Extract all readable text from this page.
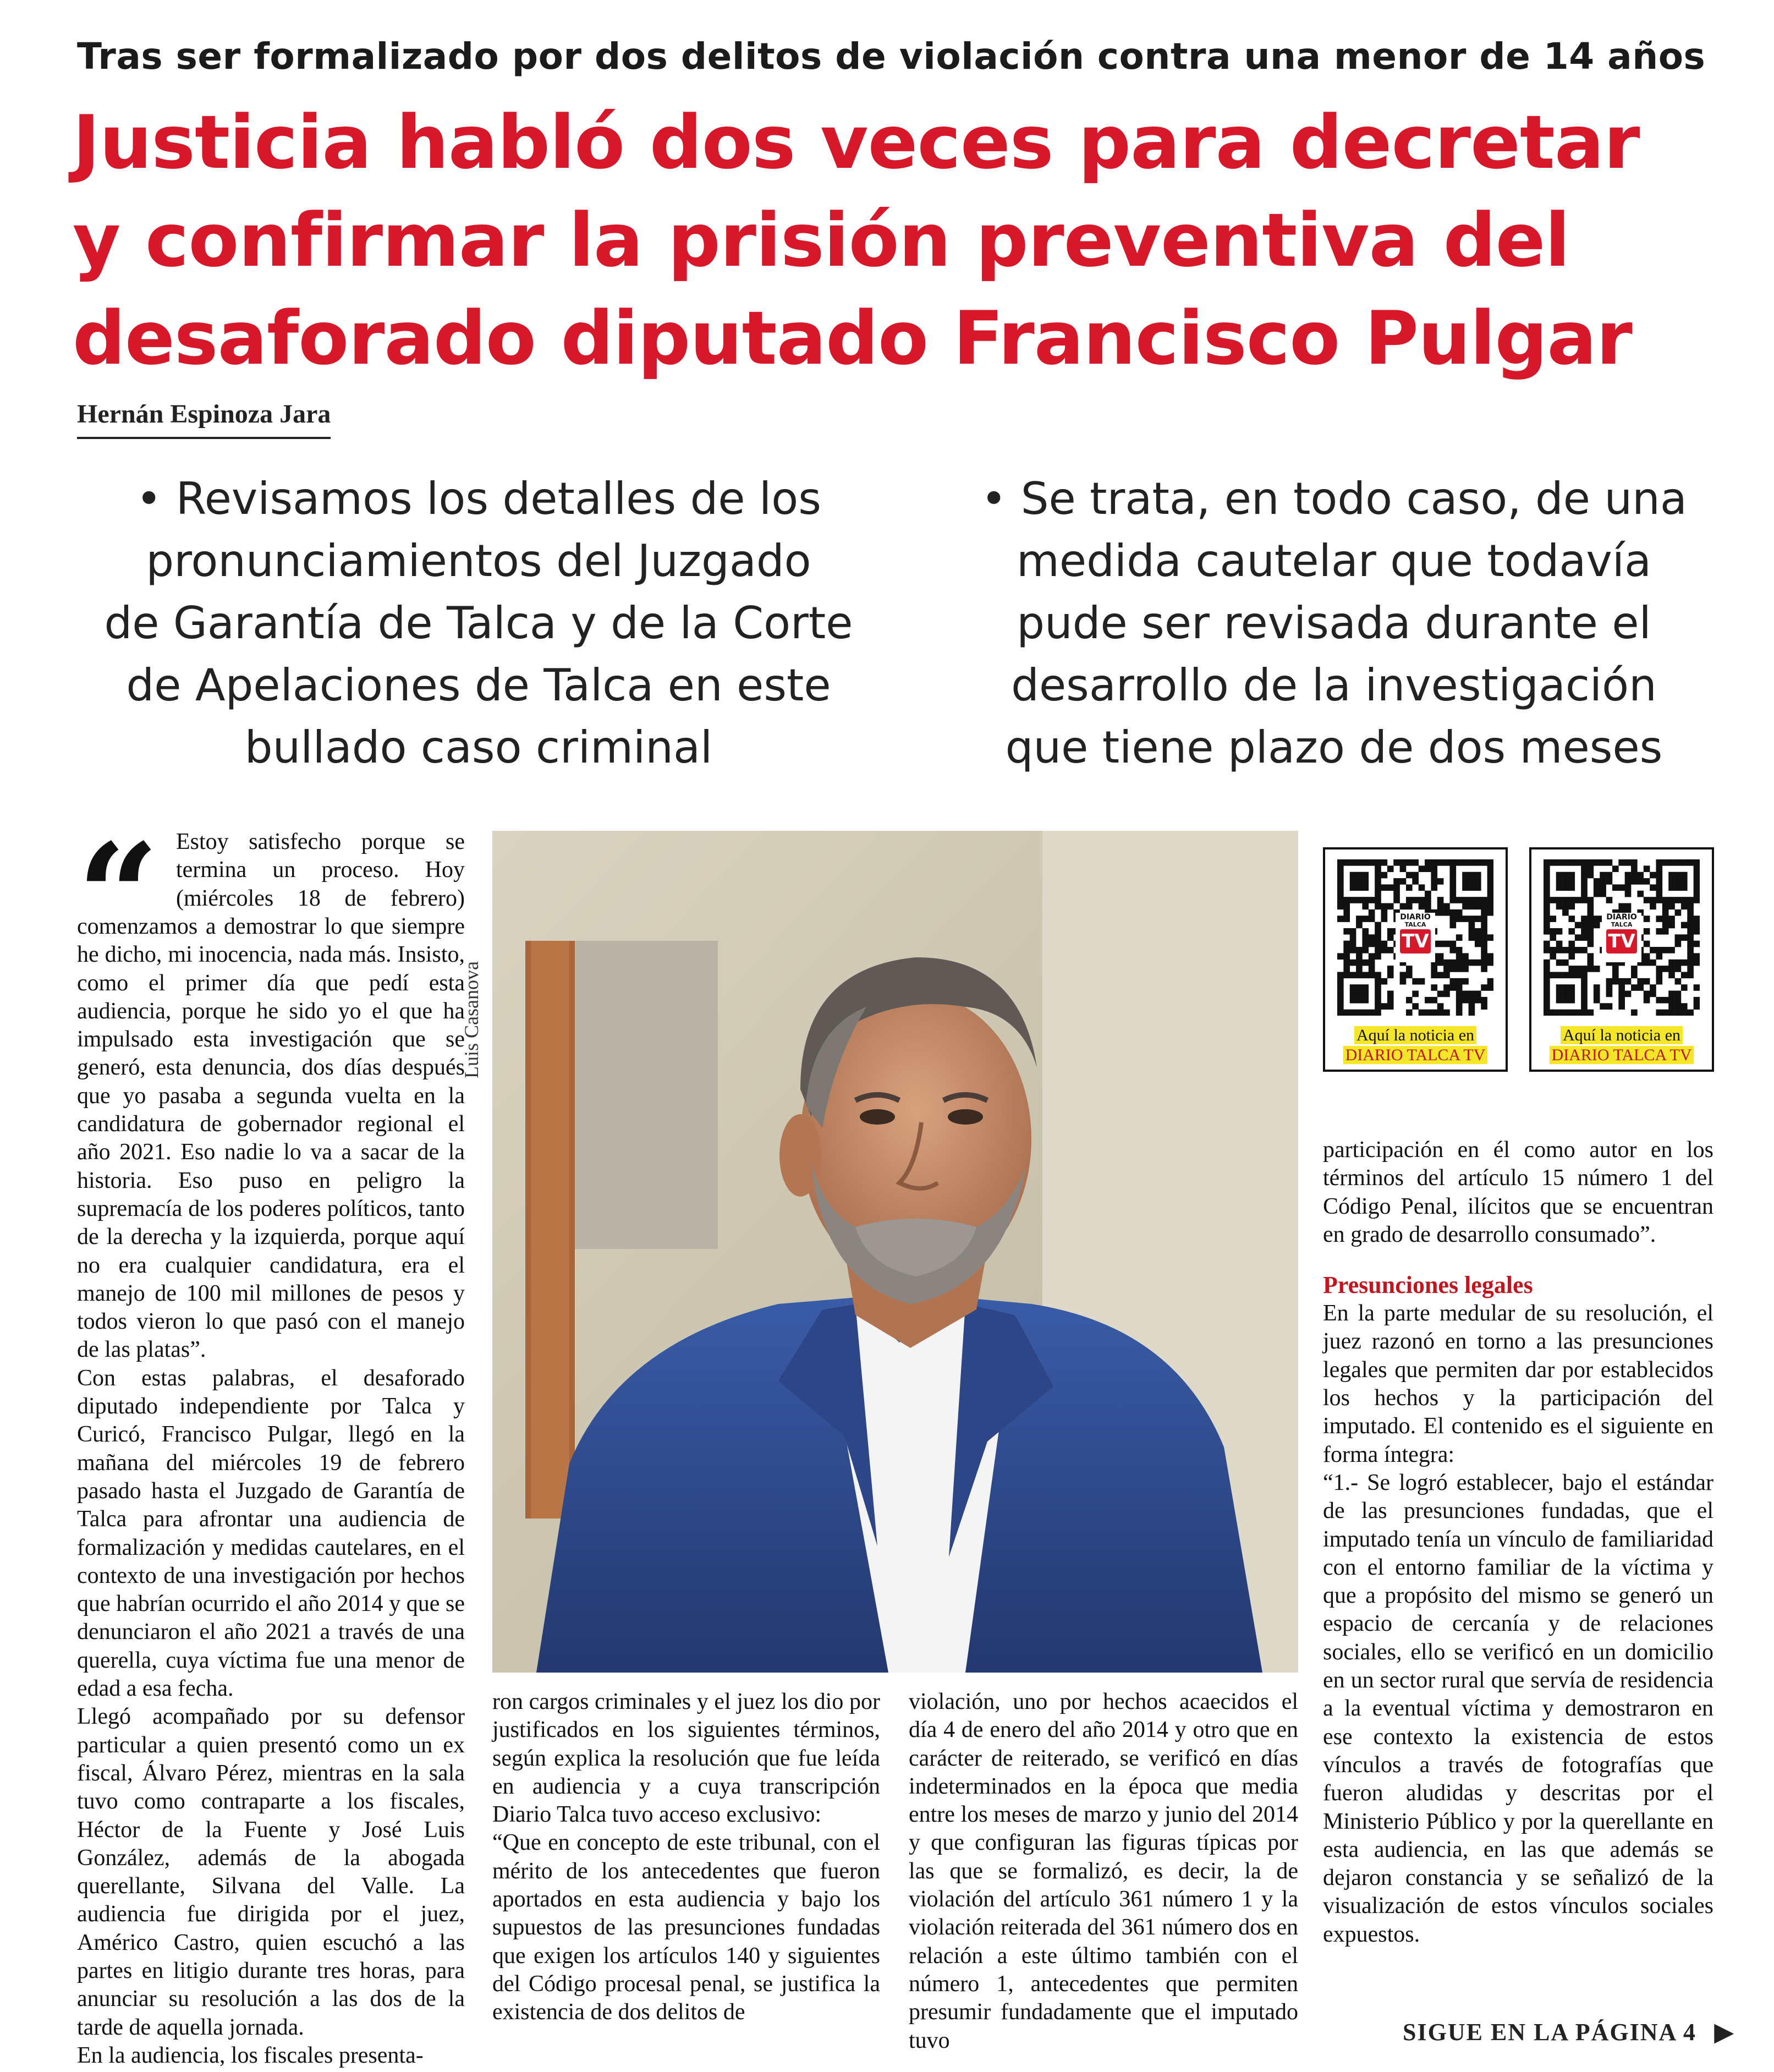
Tras ser formalizado por dos delitos de violación contra una menor de 14 años
Justicia habló dos veces para decretar
y confirmar la prisión preventiva del
desaforado diputado Francisco Pulgar
Hernán Espinoza Jara
• Revisamos los detalles de los
pronunciamientos del Juzgado
de Garantía de Talca y de la Corte
de Apelaciones de Talca en este
bullado caso criminal
• Se trata, en todo caso, de una
medida cautelar que todavía
pude ser revisada durante el
desarrollo de la investigación
que tiene plazo de dos meses
“ Estoy satisfecho porque se
termina un proceso. Hoy
(miércoles 18 de febrero)

comenzamos a demostrar lo que siempre he dicho, mi inocencia, nada más. Insisto, como el primer día que pedí esta audiencia, porque he sido yo el que ha impulsado esta investigación que se generó, esta denuncia, dos días después que yo pasaba a segunda vuelta en la candidatura de gobernador regional el año 2021. Eso nadie lo va a sacar de la historia. Eso puso en peligro la supremacía de los poderes políticos, tanto de la derecha y la izquierda, porque aquí no era cualquier candidatura, era el manejo de 100 mil millones de pesos y todos vieron lo que pasó con el manejo de las platas”.

Con estas palabras, el desaforado diputado independiente por Talca y Curicó, Francisco Pulgar, llegó en la mañana del miércoles 19 de febrero pasado hasta el Juzgado de Garantía de Talca para afrontar una audiencia de formalización y medidas cautelares, en el contexto de una investigación por hechos que habrían ocurrido el año 2014 y que se denunciaron el año 2021 a través de una querella, cuya víctima fue una menor de edad a esa fecha.

Llegó acompañado por su defensor particular a quien presentó como un ex fiscal, Álvaro Pérez, mientras en la sala tuvo como contraparte a los fiscales, Héctor de la Fuente y José Luis González, además de la abogada querellante, Silvana del Valle. La audiencia fue dirigida por el juez, Américo Castro, quien escuchó a las partes en litigio durante tres horas, para anunciar su resolución a las dos de la tarde de aquella jornada.

En la audiencia, los fiscales presenta-

Luis Casanova

ron cargos criminales y el juez los dio por justificados en los siguientes términos, según explica la resolución que fue leída en audiencia y a cuya transcripción Diario Talca tuvo acceso exclusivo:

“Que en concepto de este tribunal, con el mérito de los antecedentes que fueron aportados en esta audiencia y bajo los supuestos de las presunciones fundadas que exigen los artículos 140 y siguientes del Código procesal penal, se justifica la existencia de dos delitos de

violación, uno por hechos acaecidos el día 4 de enero del año 2014 y otro que en carácter de reiterado, se verificó en días indeterminados en la época que media entre los meses de marzo y junio del 2014 y que configuran las figuras típicas por las que se formalizó, es decir, la de violación del artículo 361 número 1 y la violación reiterada del 361 número dos en relación a este último también con el número 1, antecedentes que permiten presumir fundadamente que el imputado tuvo

DIARIO
TALCA
TV
Aquí la noticia en
DIARIO TALCA TV
DIARIO
TALCA
TV
Aquí la noticia en
DIARIO TALCA TV

participación en él como autor en los términos del artículo 15 número 1 del Código Penal, ilícitos que se encuentran en grado de desarrollo consumado”.

Presunciones legales

En la parte medular de su resolución, el juez razonó en torno a las presunciones legales que permiten dar por establecidos los hechos y la participación del imputado. El contenido es el siguiente en forma íntegra:

“1.- Se logró establecer, bajo el estándar de las presunciones fundadas, que el imputado tenía un vínculo de familiaridad con el entorno familiar de la víctima y que a propósito del mismo se generó un espacio de cercanía y de relaciones sociales, ello se verificó en un domicilio en un sector rural que servía de residencia a la eventual víctima y demostraron en ese contexto la existencia de estos vínculos a través de fotografías que fueron aludidas y descritas por el Ministerio Público y por la querellante en esta audiencia, en las que además se dejaron constancia y se señalizó de la visualización de estos vínculos sociales expuestos.

SIGUE EN LA PÁGINA 4 ▶
